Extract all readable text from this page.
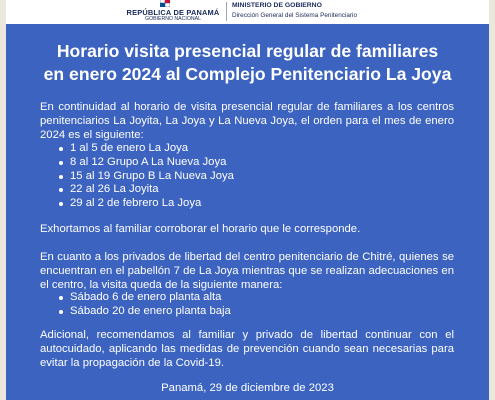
REPÚBLICA DE PANAMÁ
GOBIERNO NACIONAL
MINISTERIO DE GOBIERNO
Dirección General del Sistema Penitenciario
Horario visita presencial regular de familiares
en enero 2024 al Complejo Penitenciario La Joya

En continuidad al horario de visita presencial regular de familiares a los centros penitenciarios La Joyita, La Joya y La Nueva Joya, el orden para el mes de enero 2024 es el siguiente:

1 al 5 de enero La Joya
8 al 12 Grupo A La Nueva Joya
15 al 19 Grupo B La Nueva Joya
22 al 26 La Joyita
29 al 2 de febrero La Joya

Exhortamos al familiar corroborar el horario que le corresponde.

En cuanto a los privados de libertad del centro penitenciario de Chitré, quienes se encuentran en el pabellón 7 de La Joya mientras que se realizan adecuaciones en el centro, la visita queda de la siguiente manera:

Sábado 6 de enero planta alta
Sábado 20 de enero planta baja

Adicional, recomendamos al familiar y privado de libertad continuar con el autocuidado, aplicando las medidas de prevención cuando sean necesarias para evitar la propagación de la Covid-19.

Panamá, 29 de diciembre de 2023
